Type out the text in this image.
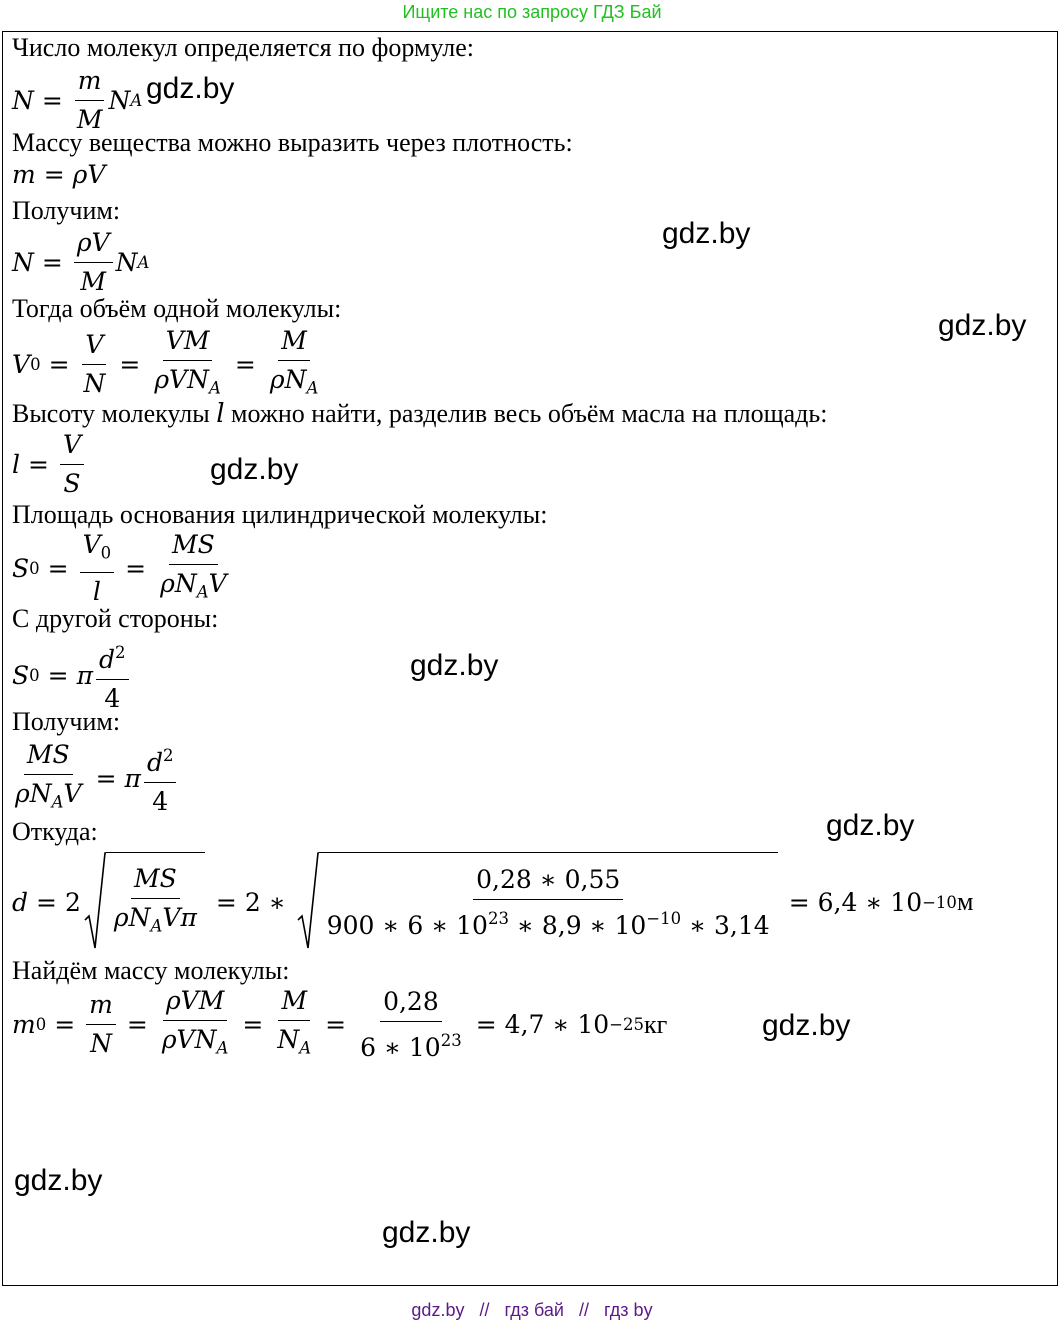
Ищите нас по запросу ГДЗ Бай
Число молекул определяется по формуле:
$N = \frac{m}{M}$ N A
Массу вещества можно выразить через плотность:
m = ρ V
Получим:
$N = \frac{\rho V}{M}$ N A
Тогда объём одной молекулы:
V $0 = \frac{V}{N} = \frac{VM}{\rho VN_A} = \frac{M}{\rho N_A}$
Высоту молекулы l можно найти, разделив весь объём масла на площадь:
$l = \frac{V}{S}$
Площадь основания цилиндрической молекулы:
S $0 = \frac{V_0}{l} = \frac{MS}{\rho N_AV}$
С другой стороны:
S 0 = π $\frac{d^2}{4}$
Получим:
$\frac{MS}{\rho N_AV} = \pi \frac{d^2}{4}$
Откуда:
$d = 2 \frac{MS}{\rho N_AV\pi} = 2$ ∗ $\frac{0,28 ∗ 0,55}{900 ∗ 6 ∗ 10^{23} ∗ 8,9 ∗ 10^{-10} ∗ 3,14} = 6,4$ ∗ 10 −10 м
Найдём массу молекулы:
m $0 = \frac{m}{N} = \frac{\text{ρVM}}{\rho VN_A} = \frac{M}{N_A} = \frac{0,28}{6 ∗ 10^{23}} = 4,7$ ∗ 10 −25 кг
gdz.by
gdz.by
gdz.by
gdz.by
gdz.by
gdz.by
gdz.by
gdz.by
gdz.by
gdz.by // гдз бай // гдз by
